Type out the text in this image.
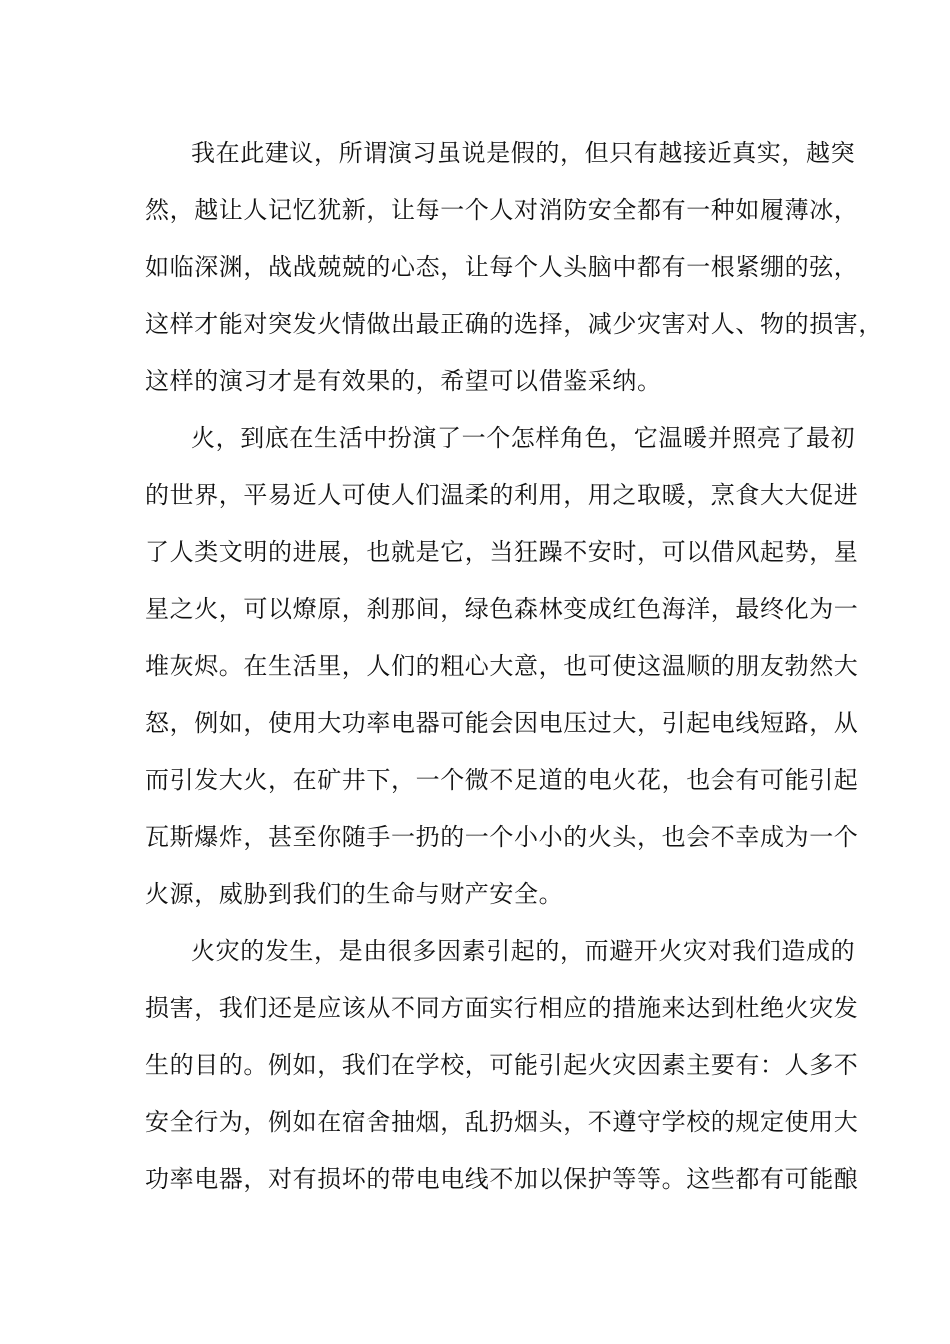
我在此建议，所谓演习虽说是假的，但只有越接近真实，越突
然，越让人记忆犹新，让每一个人对消防安全都有一种如履薄冰，
如临深渊，战战兢兢的心态，让每个人头脑中都有一根紧绷的弦，
这样才能对突发火情做出最正确的选择，减少灾害对人、物的损害，
这样的演习才是有效果的，希望可以借鉴采纳。
火，到底在生活中扮演了一个怎样角色，它温暖并照亮了最初
的世界，平易近人可使人们温柔的利用，用之取暖，烹食大大促进
了人类文明的进展，也就是它，当狂躁不安时，可以借风起势，星
星之火，可以燎原，刹那间，绿色森林变成红色海洋，最终化为一
堆灰烬。在生活里，人们的粗心大意，也可使这温顺的朋友勃然大
怒，例如，使用大功率电器可能会因电压过大，引起电线短路，从
而引发大火，在矿井下，一个微不足道的电火花，也会有可能引起
瓦斯爆炸，甚至你随手一扔的一个小小的火头，也会不幸成为一个
火源，威胁到我们的生命与财产安全。
火灾的发生，是由很多因素引起的，而避开火灾对我们造成的
损害，我们还是应该从不同方面实行相应的措施来达到杜绝火灾发
生的目的。例如，我们在学校，可能引起火灾因素主要有：人多不
安全行为，例如在宿舍抽烟，乱扔烟头，不遵守学校的规定使用大
功率电器，对有损坏的带电电线不加以保护等等。这些都有可能酿
